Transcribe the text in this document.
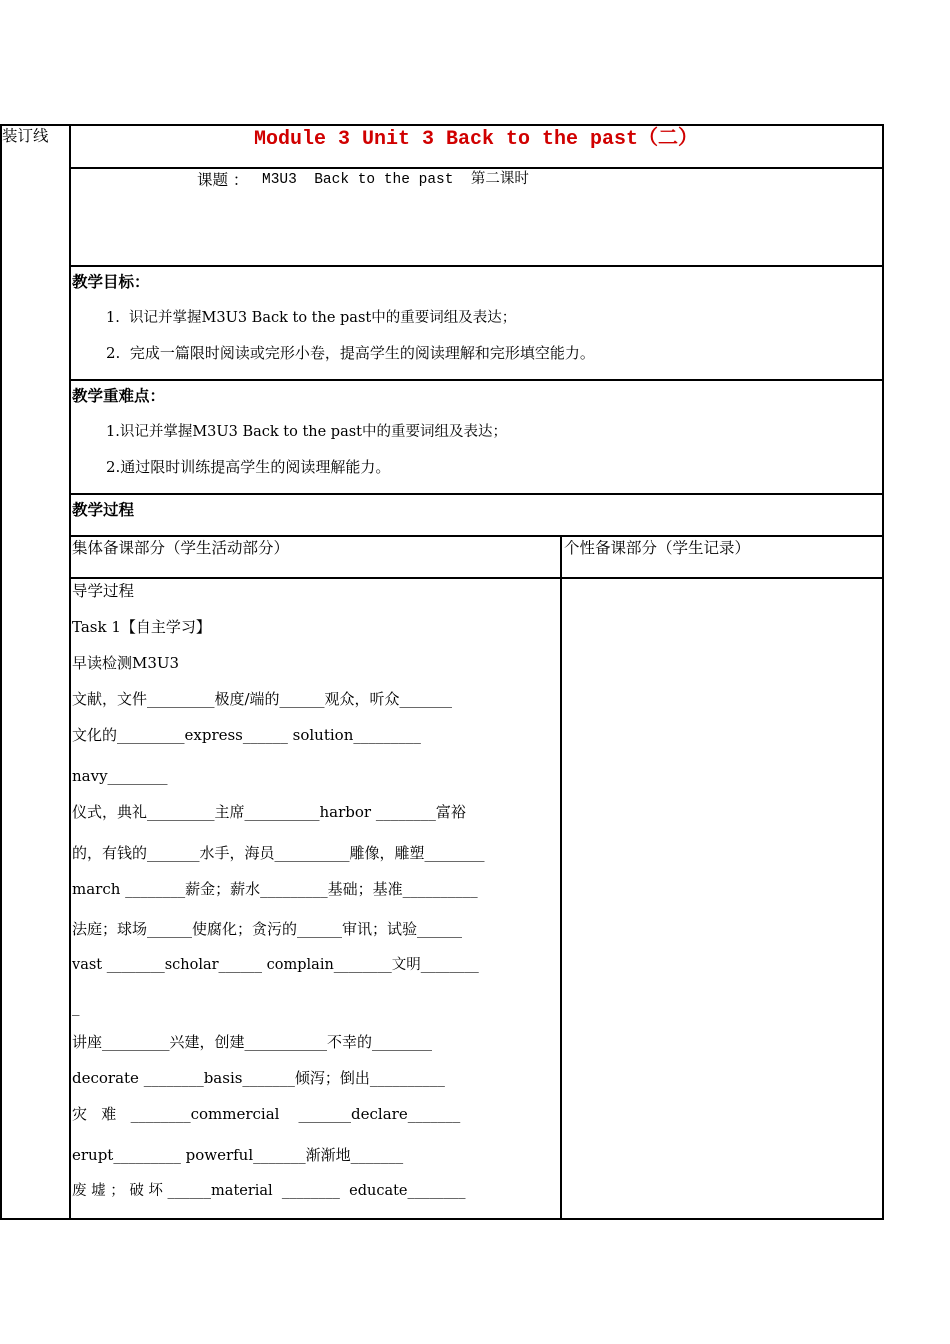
装订线	Module 3 Unit 3 Back to the past（二）
课题 ： M3U3  Back to the past  第二课时
教学目标：
1.  识记并掌握M3U3 Back to the past中的重要词组及表达；
2.  完成一篇限时阅读或完形小卷，提高学生的阅读理解和完形填空能力。
教学重难点：
1.识记并掌握M3U3 Back to the past中的重要词组及表达；
2.通过限时训练提高学生的阅读理解能力。
教学过程
集体备课部分（学生活动部分）	个性备课部分（学生记录）
导学过程
Task 1【自主学习】
早读检测M3U3
文献，文件_________极度/端的______观众，听众_______
文化的_________express______ solution_________
navy________
仪式，典礼_________主席__________harbor ________富裕
的，有钱的_______水手，海员__________雕像，雕塑________
march ________薪金；薪水_________基础；基准__________
法庭；球场______使腐化；贪污的______审讯；试验______
vast ________scholar______ complain________文明________
_
讲座_________兴建，创建___________不幸的________
decorate ________basis_______倾泻；倒出__________
灾   难   ________commercial    _______declare_______
erupt_________ powerful_______渐渐地_______
废 墟 ； 破 坏 ______material  ________  educate________
